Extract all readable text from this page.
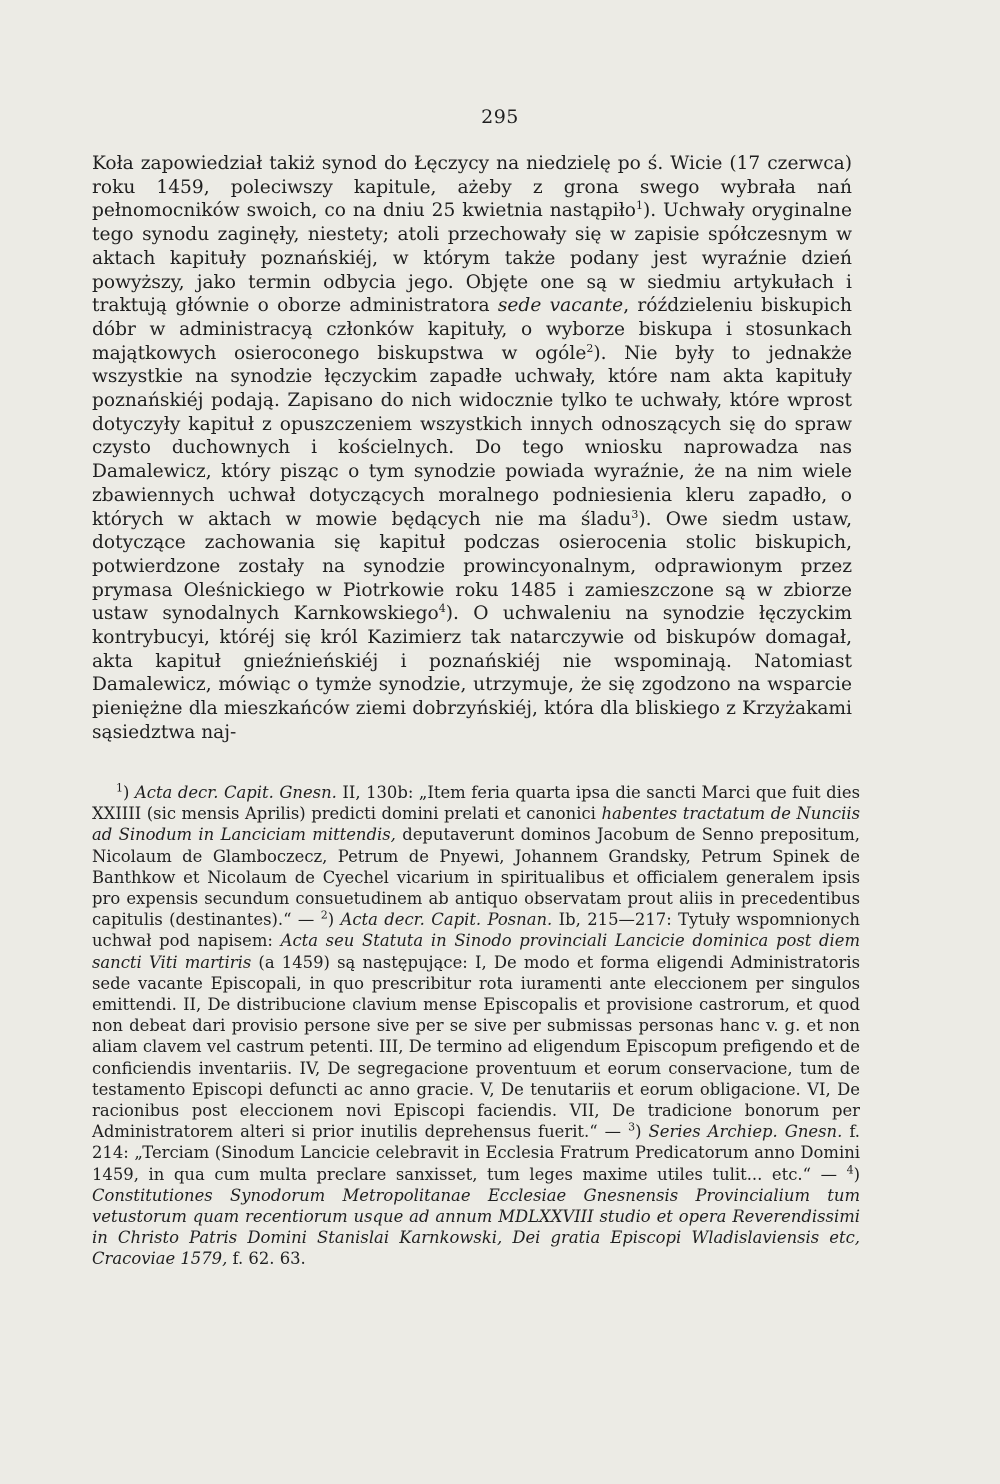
295

Koła zapowiedział takiż synod do Łęczycy na niedzielę po ś. Wicie (17 czerwca) roku 1459, poleciwszy kapitule, ażeby z grona swego wybrała nań pełnomocników swoich, co na dniu 25 kwietnia nastąpiło$^1$). Uchwały oryginalne tego synodu zaginęły, niestety; atoli przechowały się w zapisie spółczesnym w aktach kapituły poznańskiéj, w którym także podany jest wyraźnie dzień powyższy, jako termin odbycia jego. Objęte one są w siedmiu artykułach i traktują głównie o oborze administratora sede vacante, róździeleniu biskupich dóbr w administracyą członków kapituły, o wyborze biskupa i stosunkach majątkowych osieroconego biskupstwa w ogóle$^2$). Nie były to jednakże wszystkie na synodzie łęczyckim zapadłe uchwały, które nam akta kapituły poznańskiéj podają. Zapisano do nich widocznie tylko te uchwały, które wprost dotyczyły kapituł z opuszczeniem wszystkich innych odnoszących się do spraw czysto duchownych i kościelnych. Do tego wniosku naprowadza nas Damalewicz, który pisząc o tym synodzie powiada wyraźnie, że na nim wiele zbawiennych uchwał dotyczących moralnego podniesienia kleru zapadło, o których w aktach w mowie będących nie ma śladu$^3$). Owe siedm ustaw, dotyczące zachowania się kapituł podczas osierocenia stolic biskupich, potwierdzone zostały na synodzie prowincyonalnym, odprawionym przez prymasa Oleśnickiego w Piotrkowie roku 1485 i zamieszczone są w zbiorze ustaw synodalnych Karnkowskiego$^4$). O uchwaleniu na synodzie łęczyckim kontrybucyi, któréj się król Kazimierz tak natarczywie od biskupów domagał, akta kapituł gnieźnieńskiéj i poznańskiéj nie wspominają. Natomiast Damalewicz, mówiąc o tymże synodzie, utrzymuje, że się zgodzono na wsparcie pieniężne dla mieszkańców ziemi dobrzyńskiéj, która dla bliskiego z Krzyżakami sąsiedztwa naj-

$^1$) Acta decr. Capit. Gnesn. II, 130b: „Item feria quarta ipsa die sancti Marci que fuit dies XXIIII (sic mensis Aprilis) predicti domini prelati et canonici habentes tractatum de Nunciis ad Sinodum in Lanciciam mittendis, deputaverunt dominos Jacobum de Senno prepositum, Nicolaum de Glamboczecz, Petrum de Pnyewi, Johannem Grandsky, Petrum Spinek de Banthkow et Nicolaum de Cyechel vicarium in spiritualibus et officialem generalem ipsis pro expensis secundum consuetudinem ab antiquo observatam prout aliis in precedentibus capitulis (destinantes).“ — $^2$) Acta decr. Capit. Posnan. Ib, 215—217: Tytuły wspomnionych uchwał pod napisem: Acta seu Statuta in Sinodo provinciali Lancicie dominica post diem sancti Viti martiris (a 1459) są następujące: I, De modo et forma eligendi Administratoris sede vacante Episcopali, in quo prescribitur rota iuramenti ante eleccionem per singulos emittendi. II, De distribucione clavium mense Episcopalis et provisione castrorum, et quod non debeat dari provisio persone sive per se sive per submissas personas hanc v. g. et non aliam clavem vel castrum petenti. III, De termino ad eligendum Episcopum prefigendo et de conficiendis inventariis. IV, De segregacione proventuum et eorum conservacione, tum de testamento Episcopi defuncti ac anno gracie. V, De tenutariis et eorum obligacione. VI, De racionibus post eleccionem novi Episcopi faciendis. VII, De tradicione bonorum per Administratorem alteri si prior inutilis deprehensus fuerit.“ — $^3$) Series Archiep. Gnesn. f. 214: „Terciam (Sinodum Lancicie celebravit in Ecclesia Fratrum Predicatorum anno Domini 1459, in qua cum multa preclare sanxisset, tum leges maxime utiles tulit... etc.“ — $^4$) Constitutiones Synodorum Metropolitanae Ecclesiae Gnesnensis Provincialium tum vetustorum quam recentiorum usque ad annum MDLXXVIII studio et opera Reverendissimi in Christo Patris Domini Stanislai Karnkowski, Dei gratia Episcopi Wladislaviensis etc, Cracoviae 1579, f. 62. 63.
